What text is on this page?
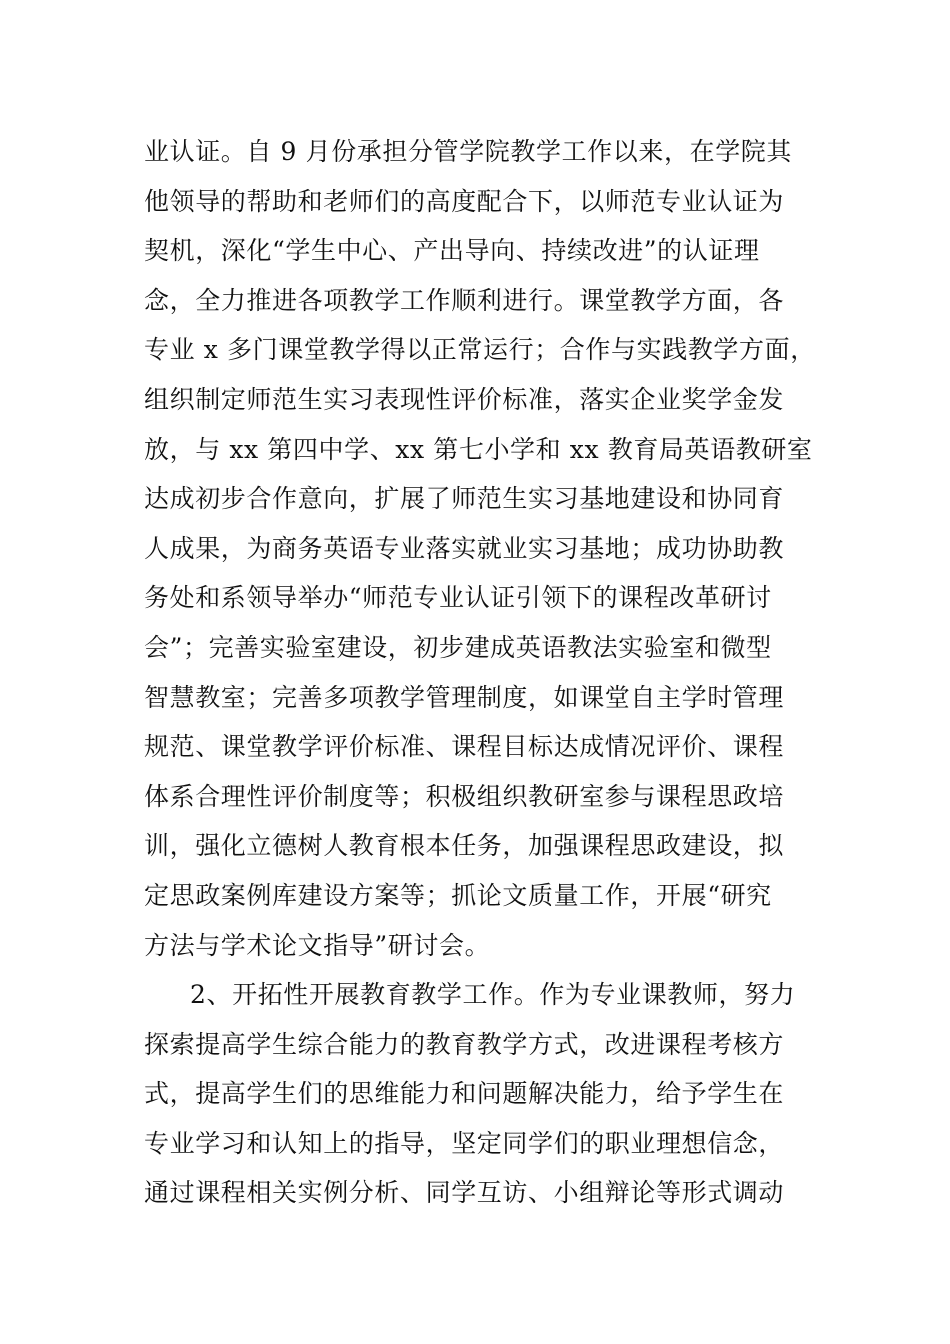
业认证。自 9 月份承担分管学院教学工作以来，在学院其
他领导的帮助和老师们的高度配合下，以师范专业认证为
契机，深化“学生中心、产出导向、持续改进”的认证理
念，全力推进各项教学工作顺利进行。课堂教学方面，各
专业 x 多门课堂教学得以正常运行；合作与实践教学方面，
组织制定师范生实习表现性评价标准，落实企业奖学金发
放，与 xx 第四中学、xx 第七小学和 xx 教育局英语教研室
达成初步合作意向，扩展了师范生实习基地建设和协同育
人成果，为商务英语专业落实就业实习基地；成功协助教
务处和系领导举办“师范专业认证引领下的课程改革研讨
会”；完善实验室建设，初步建成英语教法实验室和微型
智慧教室；完善多项教学管理制度，如课堂自主学时管理
规范、课堂教学评价标准、课程目标达成情况评价、课程
体系合理性评价制度等；积极组织教研室参与课程思政培
训，强化立德树人教育根本任务，加强课程思政建设，拟
定思政案例库建设方案等；抓论文质量工作，开展“研究
方法与学术论文指导”研讨会。
2、开拓性开展教育教学工作。作为专业课教师，努力
探索提高学生综合能力的教育教学方式，改进课程考核方
式，提高学生们的思维能力和问题解决能力，给予学生在
专业学习和认知上的指导，坚定同学们的职业理想信念，
通过课程相关实例分析、同学互访、小组辩论等形式调动
